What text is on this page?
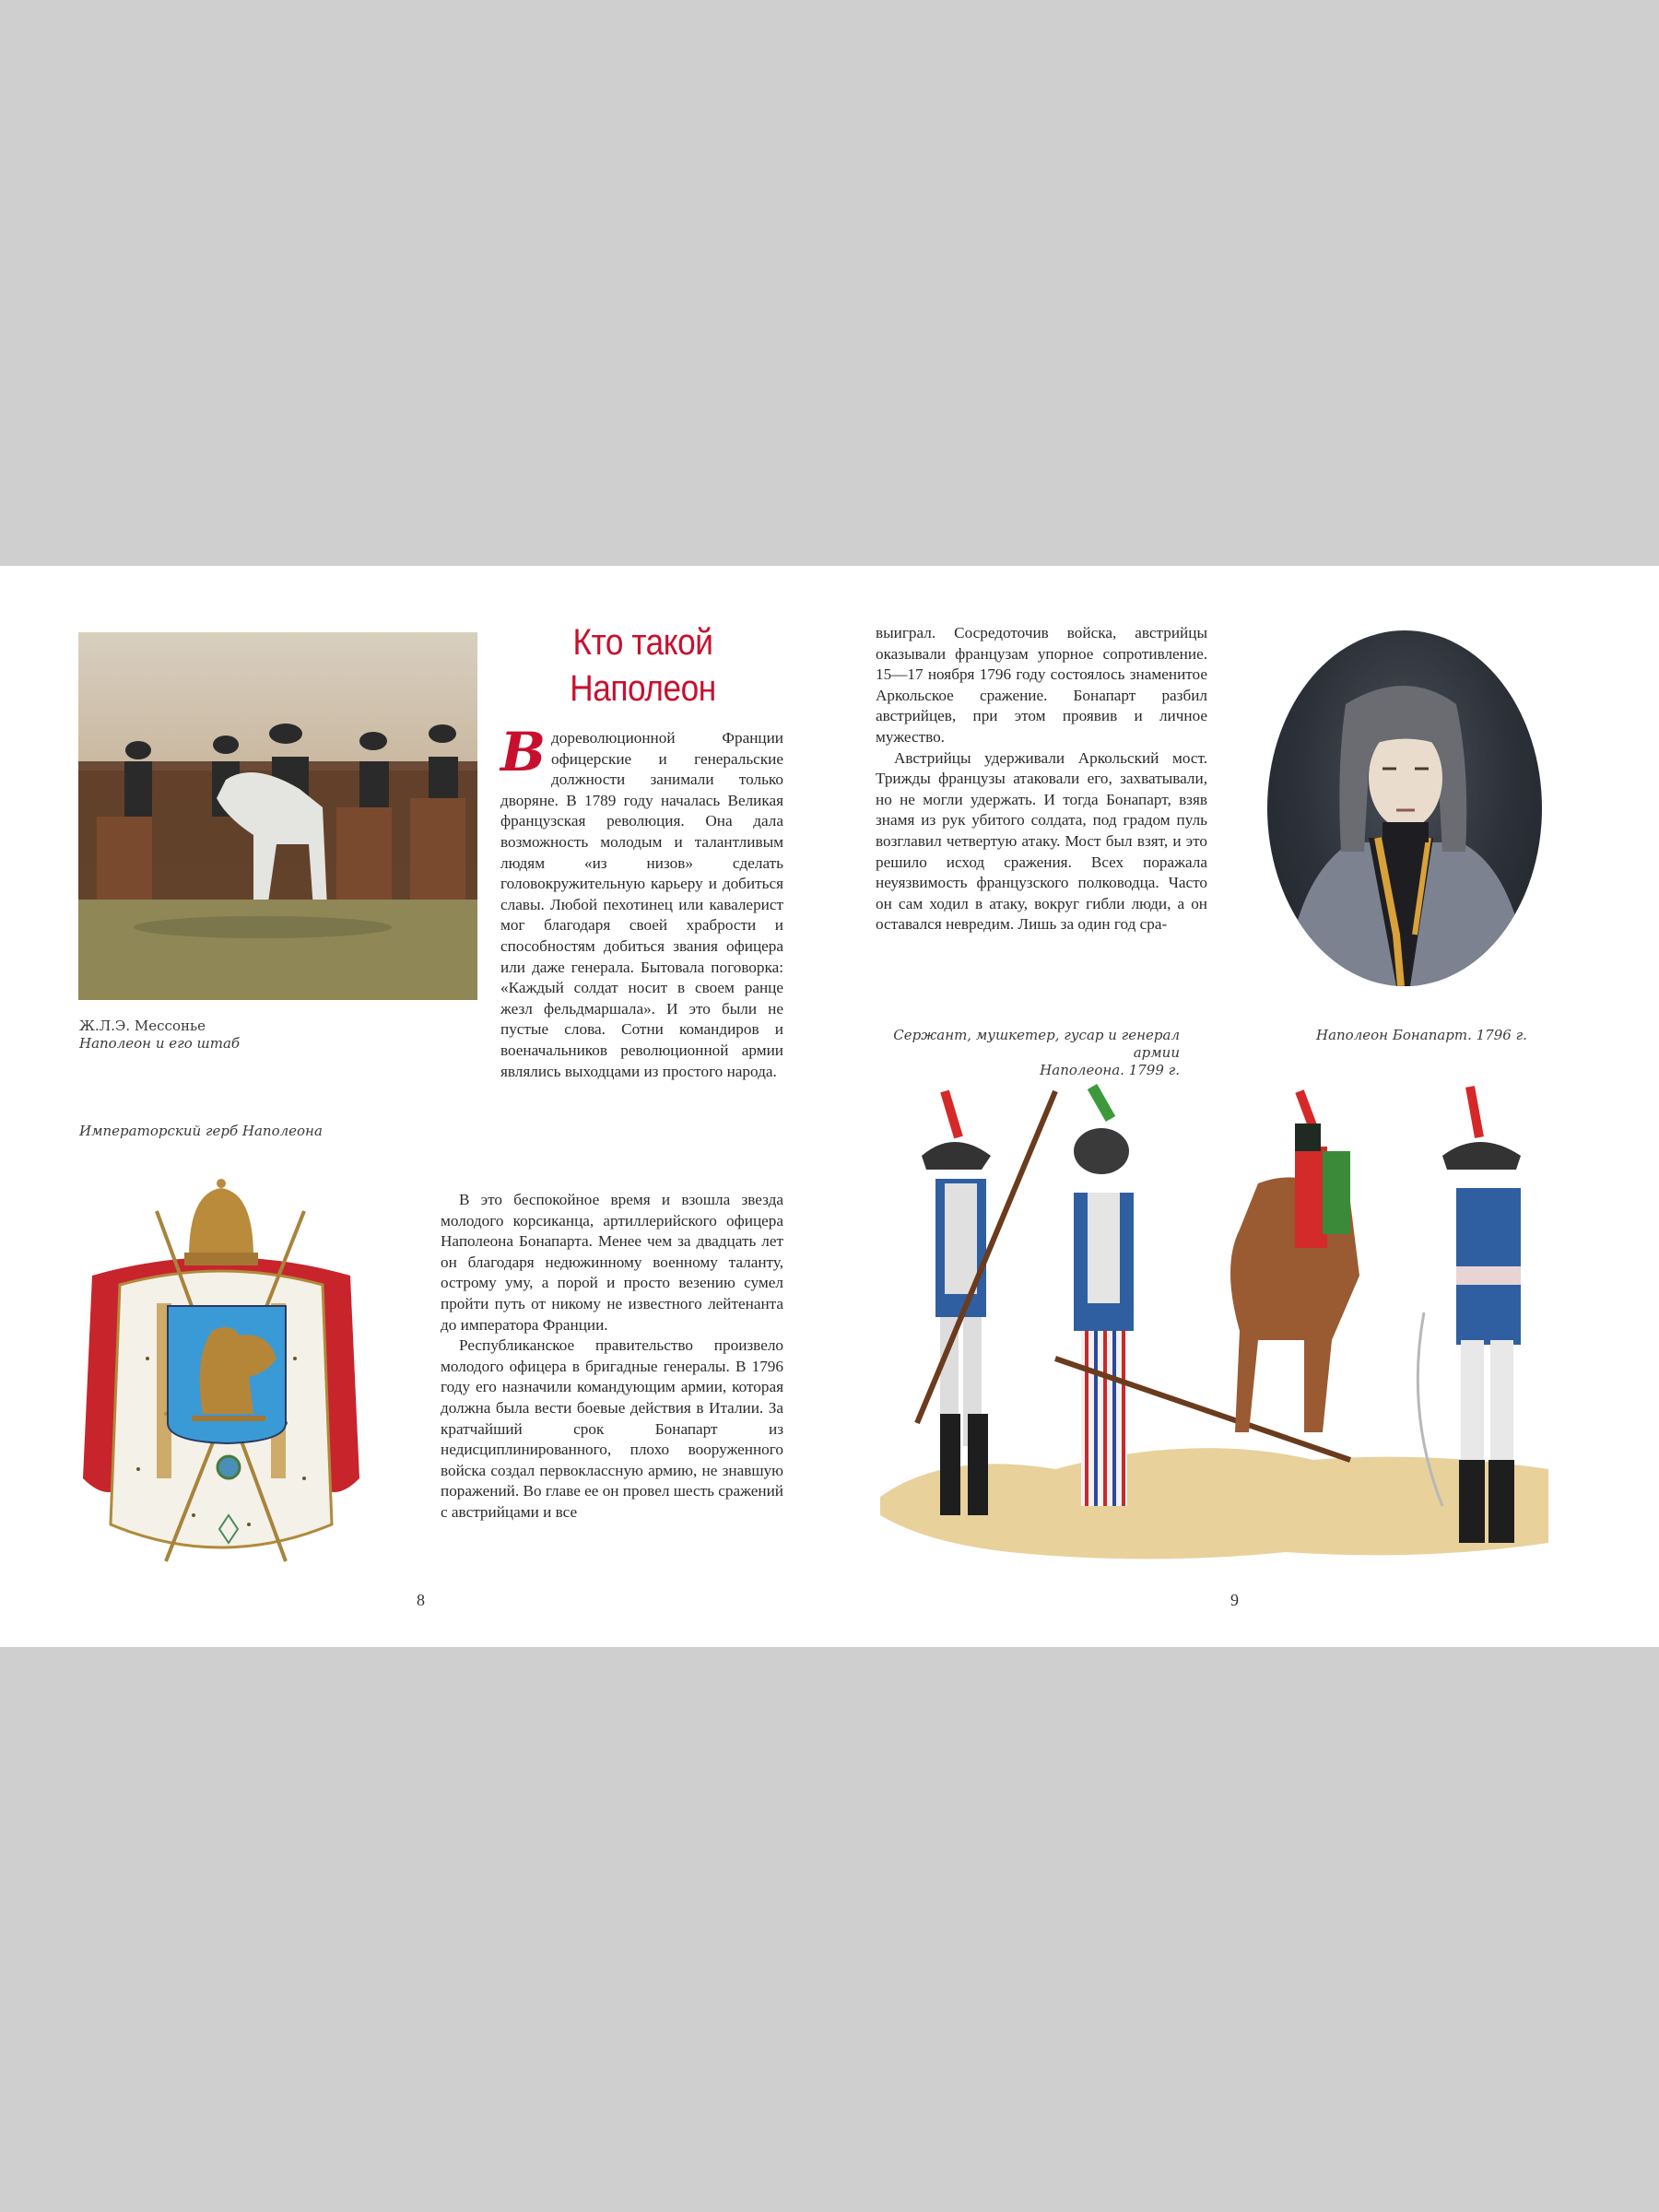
Ж.Л.Э. Мессонье
Наполеон и его штаб
Императорский герб Наполеона
Кто такой
Наполеон

В дореволюционной Франции офицерские и генеральские должности занимали только дворяне. В 1789 году началась Великая французская революция. Она дала возможность молодым и талантливым людям «из низов» сделать головокружительную карьеру и добиться славы. Любой пехотинец или кавалерист мог благодаря своей храбрости и способностям добиться звания офицера или даже генерала. Бытовала поговорка: «Каждый солдат носит в своем ранце жезл фельдмаршала». И это были не пустые слова. Сотни командиров и военачальников революционной армии являлись выходцами из простого народа.

В это беспокойное время и взошла звезда молодого корсиканца, артиллерийского офицера Наполеона Бонапарта. Менее чем за двадцать лет он благодаря недюжинному военному таланту, острому уму, а порой и просто везению сумел пройти путь от никому не известного лейтенанта до императора Франции.

Республиканское правительство произвело молодого офицера в бригадные генералы. В 1796 году его назначили командующим армии, которая должна была вести боевые действия в Италии. За кратчайший срок Бонапарт из недисциплинированного, плохо вооруженного войска создал первоклассную армию, не знавшую поражений. Во главе ее он провел шесть сражений с австрийцами и все

8

выиграл. Сосредоточив войска, австрийцы оказывали французам упорное сопротивление. 15—17 ноября 1796 году состоялось знаменитое Аркольское сражение. Бонапарт разбил австрийцев, при этом проявив и личное мужество.

Австрийцы удерживали Аркольский мост. Трижды французы атаковали его, захватывали, но не могли удержать. И тогда Бонапарт, взяв знамя из рук убитого солдата, под градом пуль возглавил четвертую атаку. Мост был взят, и это решило исход сражения. Всех поражала неуязвимость французского полководца. Часто он сам ходил в атаку, вокруг гибли люди, а он оставался невредим. Лишь за один год сра-

Наполеон Бонапарт. 1796 г.
Сержант, мушкетер, гусар и генерал армии
Наполеона. 1799 г.
9
